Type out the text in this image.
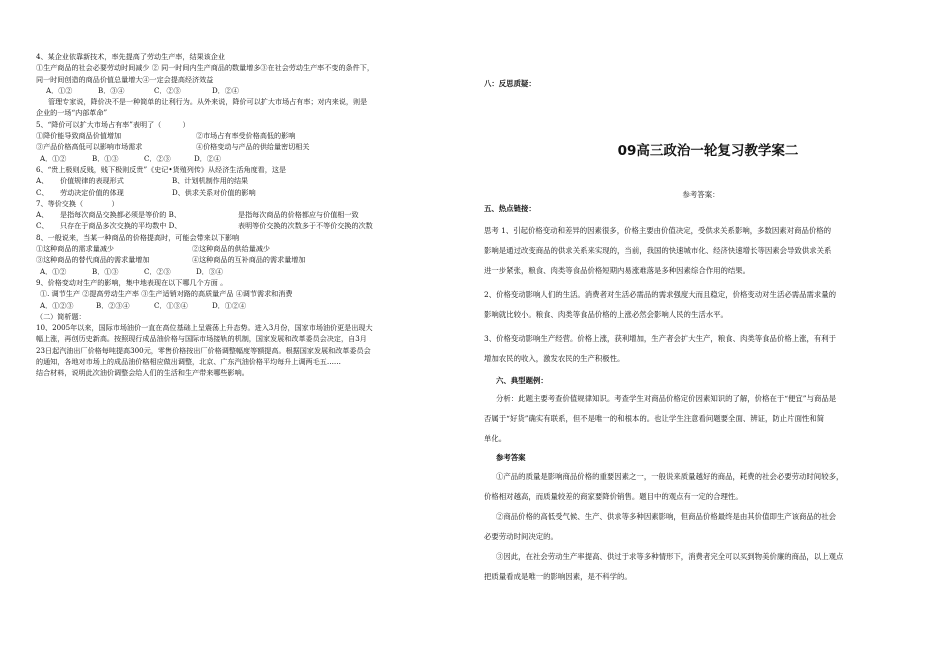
4、某企业依靠新技术，率先提高了劳动生产率，结果该企业
①生产商品的社会必要劳动时间减少 ② 同一时间内生产商品的数量增多③在社会劳动生产率不变的条件下，
同一时间创造的商品价值总量增大④一定会提高经济效益
A．①②	B．③④	C．②③	D．②④
管理专家说，降价决不是一种简单的让利行为。从外来说，降价可以扩大市场占有率；对内来说，则是
企业的一场“内部革命”
5、“降价可以扩大市场占有率”表明了（　　　）
①降价能导致商品价值增加	②市场占有率受价格高低的影响
③产品价格高低可以影响市场需求	④价格变动与产品的供给量密切相关
A．①②	B．①③	C．②③	D．②④
6、“贵上极则反贱，贱下极则反贵”《史记•货殖列传》从经济生活角度看，这是
A、	价值规律的表现形式	B、计划机制作用的结果
C、	劳动决定价值的体现	D、供求关系对价值的影响
7、等价交换（　　　　）
A、	是指每次商品交换都必须是等价的 B、	是指每次商品的价格都应与价值相一致
C、	只存在于商品多次交换的平均数中 D、	表明等价交换的次数多于不等价交换的次数
8、一般说来，当某一种商品的价格提高时，可能会带来以下影响
①这种商品的需求量减少	②这种商品的供给量减少
③这种商品的替代商品的需求量增加	④这种商品的互补商品的需求量增加
A．①②	B．①③	C．②③	D．③④
9、价格变动对生产的影响，集中地表现在以下哪几个方面 。
①. 调节生产 ②提高劳动生产率 ③生产适销对路的高质量产品 ④调节需求和消费
A．①②③	B．②③④	C．①③④	D．①②④
（二）简析题：
10、2005年以来，国际市场油价一直在高位基础上呈震荡上升态势。进入3月份，国家市场油价更是出现大
幅上涨，再创历史新高。按照现行成品油价格与国际市场接轨的机制，国家发展和改革委员会决定，自3月
23日起汽油出厂价格每吨提高300元，零售价格按出厂价格调整幅度等额提高。根据国家发展和改革委员会
的通知，各地对市场上的成品油价格相应做出调整，北京、广东汽油价格平均每升上调两毛五……
结合材料，说明此次油价调整会给人们的生活和生产带来哪些影响。
八：反思质疑：
09高三政治一轮复习教学案二
参考答案：
五、热点链接：
思考 1、引起价格变动和差异的因素很多，价格主要由价值决定，受供求关系影响，多数因素对商品价格的
影响是通过改变商品的供求关系来实现的，当前，我国的快速城市化、经济快速增长等因素会导致供求关系
进一步紧张，粮食、肉类等食品价格短期内易涨难落是多种因素综合作用的结果。
2、价格变动影响人们的生活。消费者对生活必需品的需求强度大而且稳定，价格变动对生活必需品需求量的
影响就比较小。粮食、肉类等食品价格的上涨必然会影响人民的生活水平。
3、价格变动影响生产经营。价格上涨，获利增加，生产者会扩大生产，粮食、肉类等食品价格上涨，有利于
增加农民的收入，激发农民的生产积极性。
六、典型题例：
分析：此题主要考查价值规律知识。考查学生对商品价格定价因素知识的了解，价格在于“便宜”与商品是
否属于“好货”确实有联系，但不是唯一的和根本的。也让学生注意看问题要全面、辨证，防止片面性和简
单化。
参考答案
①产品的质量是影响商品价格的重要因素之一，一般说来质量越好的商品，耗费的社会必要劳动时间较多，
价格相对越高，而质量较差的商家要降价销售。题目中的观点有一定的合理性。
②商品价格的高低受气候、生产、供求等多种因素影响，但商品价格最终是由其价值即生产该商品的社会
必要劳动时间决定的。
③因此，在社会劳动生产率提高、供过于求等多种情形下，消费者完全可以买到物美价廉的商品，以上观点
把质量看成是唯一的影响因素，是不科学的。
